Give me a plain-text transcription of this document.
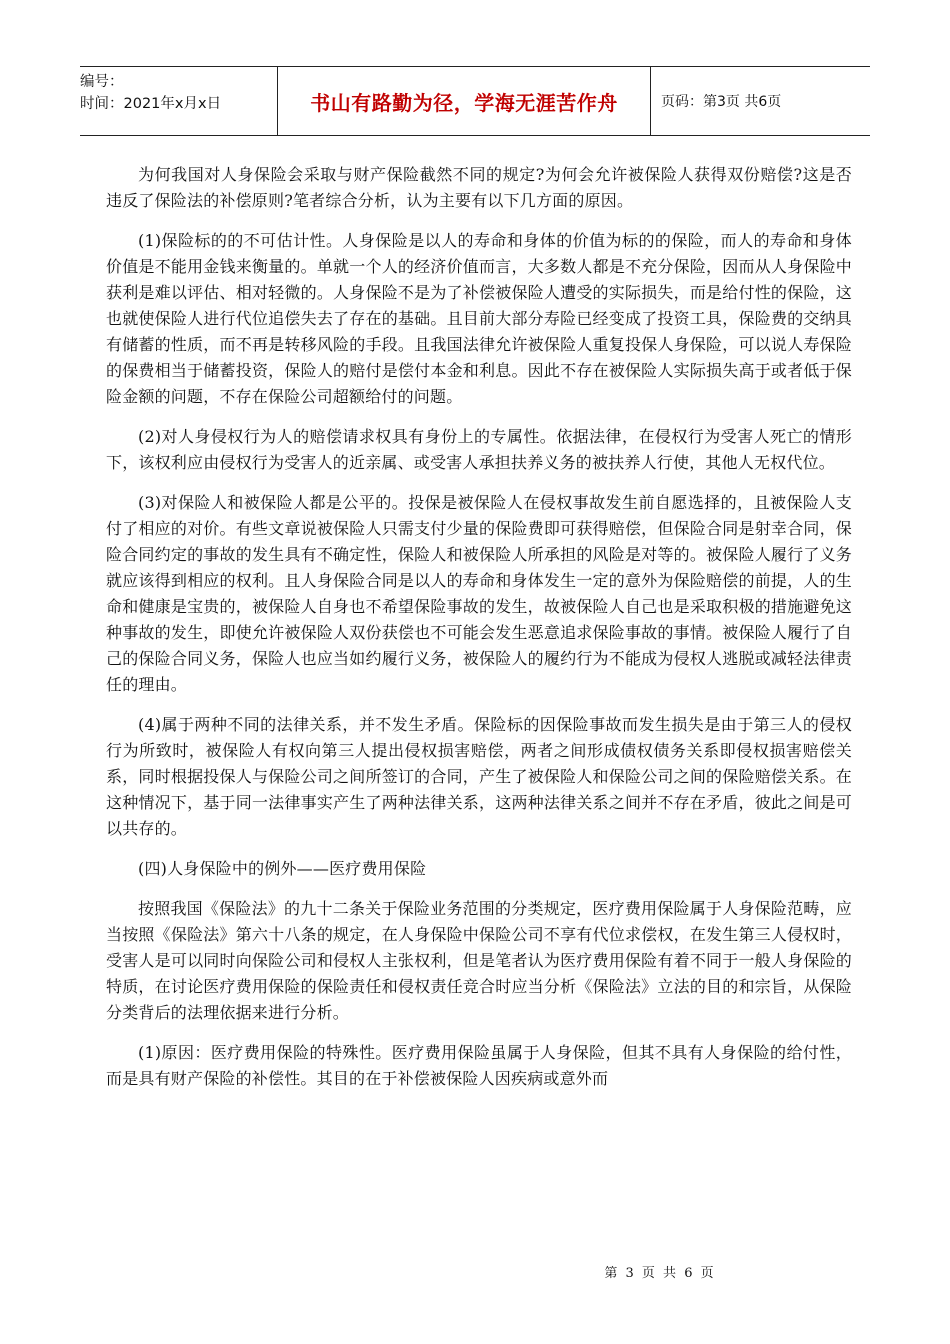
编号：
时间：2021年x月x日	书山有路勤为径，学海无涯苦作舟	页码：第3页 共6页

为何我国对人身保险会采取与财产保险截然不同的规定?为何会允许被保险人获得双份赔偿?这是否违反了保险法的补偿原则?笔者综合分析，认为主要有以下几方面的原因。

(1)保险标的的不可估计性。人身保险是以人的寿命和身体的价值为标的的保险，而人的寿命和身体价值是不能用金钱来衡量的。单就一个人的经济价值而言，大多数人都是不充分保险，因而从人身保险中获利是难以评估、相对轻微的。人身保险不是为了补偿被保险人遭受的实际损失，而是给付性的保险，这也就使保险人进行代位追偿失去了存在的基础。且目前大部分寿险已经变成了投资工具，保险费的交纳具有储蓄的性质，而不再是转移风险的手段。且我国法律允许被保险人重复投保人身保险，可以说人寿保险的保费相当于储蓄投资，保险人的赔付是偿付本金和利息。因此不存在被保险人实际损失高于或者低于保险金额的问题，不存在保险公司超额给付的问题。

(2)对人身侵权行为人的赔偿请求权具有身份上的专属性。依据法律，在侵权行为受害人死亡的情形下，该权利应由侵权行为受害人的近亲属、或受害人承担扶养义务的被扶养人行使，其他人无权代位。

(3)对保险人和被保险人都是公平的。投保是被保险人在侵权事故发生前自愿选择的，且被保险人支付了相应的对价。有些文章说被保险人只需支付少量的保险费即可获得赔偿，但保险合同是射幸合同，保险合同约定的事故的发生具有不确定性，保险人和被保险人所承担的风险是对等的。被保险人履行了义务就应该得到相应的权利。且人身保险合同是以人的寿命和身体发生一定的意外为保险赔偿的前提，人的生命和健康是宝贵的，被保险人自身也不希望保险事故的发生，故被保险人自己也是采取积极的措施避免这种事故的发生，即使允许被保险人双份获偿也不可能会发生恶意追求保险事故的事情。被保险人履行了自己的保险合同义务，保险人也应当如约履行义务，被保险人的履约行为不能成为侵权人逃脱或减轻法律责任的理由。

(4)属于两种不同的法律关系，并不发生矛盾。保险标的因保险事故而发生损失是由于第三人的侵权行为所致时，被保险人有权向第三人提出侵权损害赔偿，两者之间形成债权债务关系即侵权损害赔偿关系，同时根据投保人与保险公司之间所签订的合同，产生了被保险人和保险公司之间的保险赔偿关系。在这种情况下，基于同一法律事实产生了两种法律关系，这两种法律关系之间并不存在矛盾，彼此之间是可以共存的。

(四)人身保险中的例外——医疗费用保险

按照我国《保险法》的九十二条关于保险业务范围的分类规定，医疗费用保险属于人身保险范畴，应当按照《保险法》第六十八条的规定，在人身保险中保险公司不享有代位求偿权，在发生第三人侵权时，受害人是可以同时向保险公司和侵权人主张权利，但是笔者认为医疗费用保险有着不同于一般人身保险的特质，在讨论医疗费用保险的保险责任和侵权责任竞合时应当分析《保险法》立法的目的和宗旨，从保险分类背后的法理依据来进行分析。

(1)原因：医疗费用保险的特殊性。医疗费用保险虽属于人身保险，但其不具有人身保险的给付性，而是具有财产保险的补偿性。其目的在于补偿被保险人因疾病或意外而

第 3 页 共 6 页
